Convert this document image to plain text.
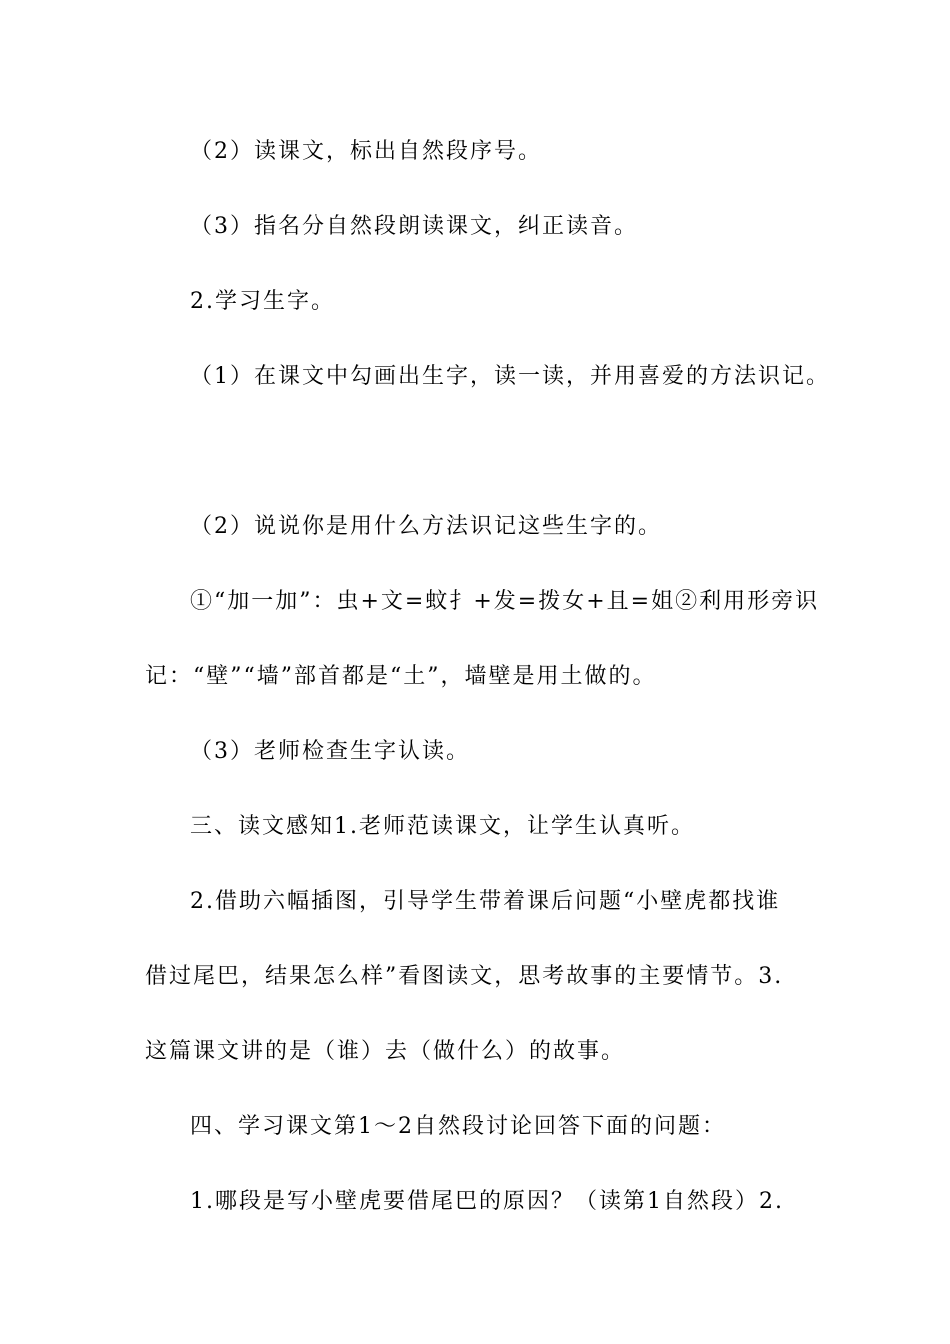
（2）读课文，标出自然段序号。
（3）指名分自然段朗读课文，纠正读音。
2.学习生字。
（1）在课文中勾画出生字，读一读，并用喜爱的方法识记。
（2）说说你是用什么方法识记这些生字的。
①“加一加”：虫+文=蚊扌+发=拨女+且=姐②利用形旁识
记：“壁”“墙”部首都是“土”，墙壁是用土做的。
（3）老师检查生字认读。
三、读文感知1.老师范读课文，让学生认真听。
2.借助六幅插图，引导学生带着课后问题“小壁虎都找谁
借过尾巴，结果怎么样”看图读文，思考故事的主要情节。3.
这篇课文讲的是（谁）去（做什么）的故事。
四、学习课文第1～2自然段讨论回答下面的问题：
1.哪段是写小壁虎要借尾巴的原因？（读第1自然段）2.
